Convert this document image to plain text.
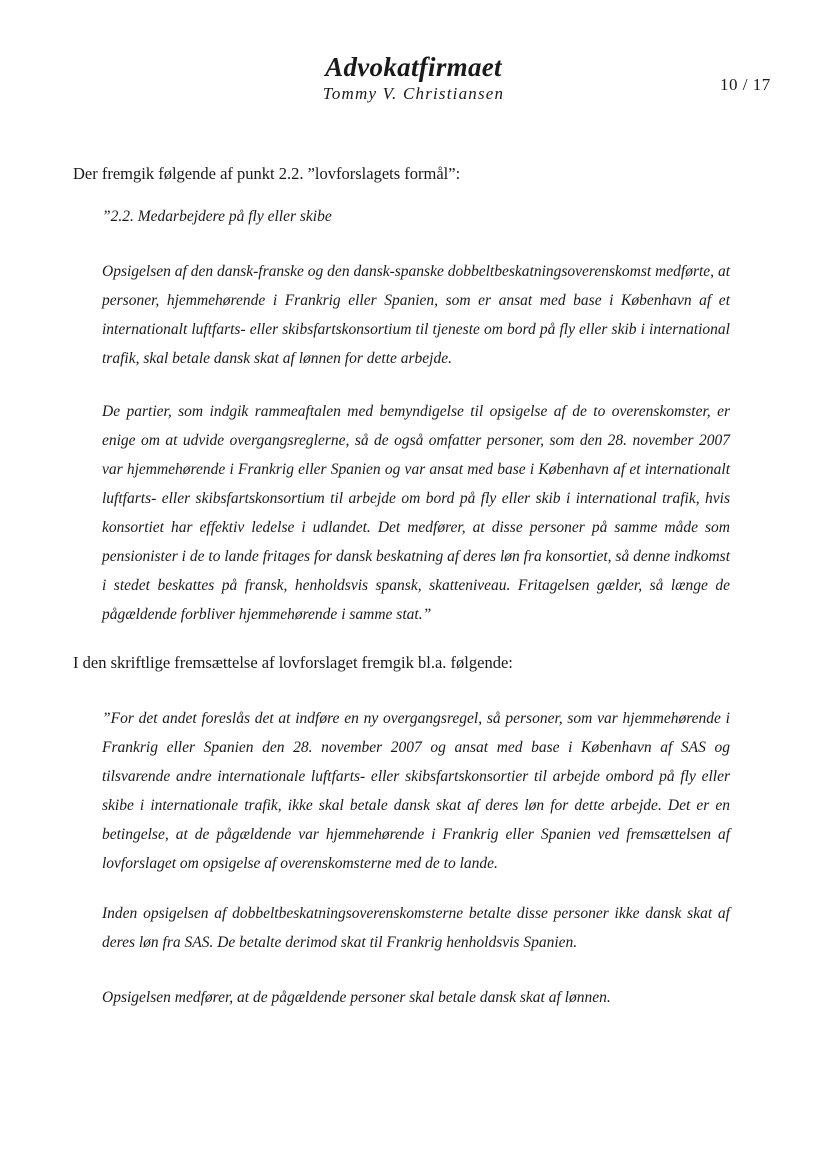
Advokatfirmaet
Tommy V. Christiansen	10 / 17

Der fremgik følgende af punkt 2.2. ”lovforslagets formål”:

”2.2. Medarbejdere på fly eller skibe

Opsigelsen af den dansk-franske og den dansk-spanske dobbeltbeskatningsoverenskomst medførte, at personer, hjemmehørende i Frankrig eller Spanien, som er ansat med base i København af et internationalt luftfarts- eller skibsfartskonsortium til tjeneste om bord på fly eller skib i international trafik, skal betale dansk skat af lønnen for dette arbejde.

De partier, som indgik rammeaftalen med bemyndigelse til opsigelse af de to overenskomster, er enige om at udvide overgangsreglerne, så de også omfatter personer, som den 28. november 2007 var hjemmehørende i Frankrig eller Spanien og var ansat med base i København af et internationalt luftfarts- eller skibsfartskonsortium til arbejde om bord på fly eller skib i international trafik, hvis konsortiet har effektiv ledelse i udlandet. Det medfører, at disse personer på samme måde som pensionister i de to lande fritages for dansk beskatning af deres løn fra konsortiet, så denne indkomst i stedet beskattes på fransk, henholdsvis spansk, skatteniveau. Fritagelsen gælder, så længe de pågældende forbliver hjemmehørende i samme stat.”

I den skriftlige fremsættelse af lovforslaget fremgik bl.a. følgende:

”For det andet foreslås det at indføre en ny overgangsregel, så personer, som var hjemmehørende i Frankrig eller Spanien den 28. november 2007 og ansat med base i København af SAS og tilsvarende andre internationale luftfarts- eller skibsfartskonsortier til arbejde ombord på fly eller skibe i internationale trafik, ikke skal betale dansk skat af deres løn for dette arbejde. Det er en betingelse, at de pågældende var hjemmehørende i Frankrig eller Spanien ved fremsættelsen af lovforslaget om opsigelse af overenskomsterne med de to lande.

Inden opsigelsen af dobbeltbeskatningsoverenskomsterne betalte disse personer ikke dansk skat af deres løn fra SAS. De betalte derimod skat til Frankrig henholdsvis Spanien.

Opsigelsen medfører, at de pågældende personer skal betale dansk skat af lønnen.
